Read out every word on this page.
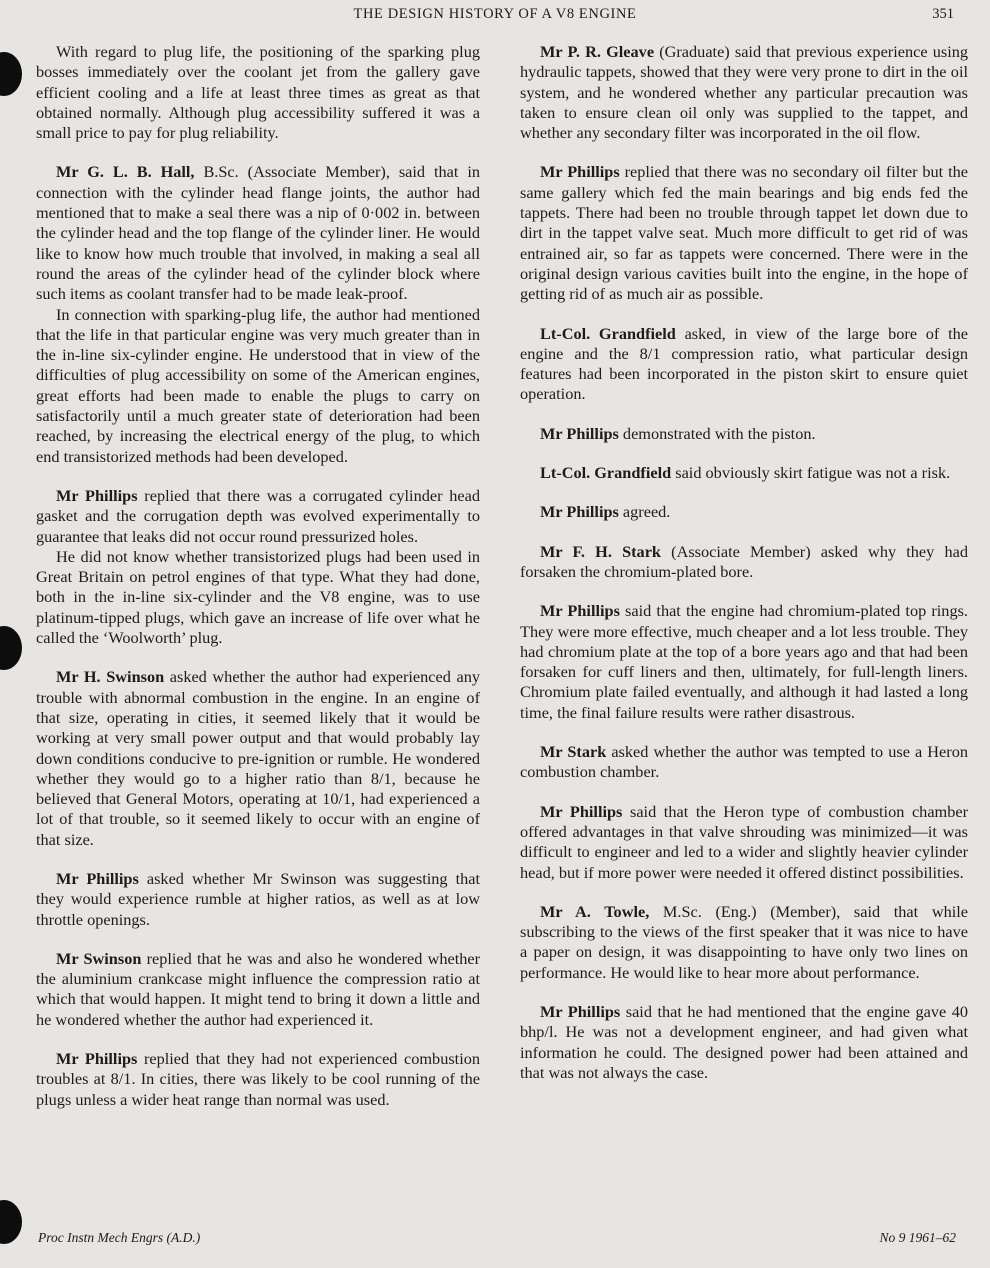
THE DESIGN HISTORY OF A V8 ENGINE	351

With regard to plug life, the positioning of the sparking plug bosses immediately over the coolant jet from the gallery gave efficient cooling and a life at least three times as great as that obtained normally. Although plug accessibility suffered it was a small price to pay for plug reliability.

Mr G. L. B. Hall, B.Sc. (Associate Member), said that in connection with the cylinder head flange joints, the author had mentioned that to make a seal there was a nip of 0·002 in. between the cylinder head and the top flange of the cylinder liner. He would like to know how much trouble that involved, in making a seal all round the areas of the cylinder head of the cylinder block where such items as coolant transfer had to be made leak-proof.

In connection with sparking-plug life, the author had mentioned that the life in that particular engine was very much greater than in the in-line six-cylinder engine. He understood that in view of the difficulties of plug accessibility on some of the American engines, great efforts had been made to enable the plugs to carry on satisfactorily until a much greater state of deterioration had been reached, by increasing the electrical energy of the plug, to which end transistorized methods had been developed.

Mr Phillips replied that there was a corrugated cylinder head gasket and the corrugation depth was evolved experimentally to guarantee that leaks did not occur round pressurized holes.

He did not know whether transistorized plugs had been used in Great Britain on petrol engines of that type. What they had done, both in the in-line six-cylinder and the V8 engine, was to use platinum-tipped plugs, which gave an increase of life over what he called the ‘Woolworth’ plug.

Mr H. Swinson asked whether the author had experienced any trouble with abnormal combustion in the engine. In an engine of that size, operating in cities, it seemed likely that it would be working at very small power output and that would probably lay down conditions conducive to pre-ignition or rumble. He wondered whether they would go to a higher ratio than 8/1, because he believed that General Motors, operating at 10/1, had experienced a lot of that trouble, so it seemed likely to occur with an engine of that size.

Mr Phillips asked whether Mr Swinson was suggesting that they would experience rumble at higher ratios, as well as at low throttle openings.

Mr Swinson replied that he was and also he wondered whether the aluminium crankcase might influence the compression ratio at which that would happen. It might tend to bring it down a little and he wondered whether the author had experienced it.

Mr Phillips replied that they had not experienced combustion troubles at 8/1. In cities, there was likely to be cool running of the plugs unless a wider heat range than normal was used.

Mr P. R. Gleave (Graduate) said that previous experience using hydraulic tappets, showed that they were very prone to dirt in the oil system, and he wondered whether any particular precaution was taken to ensure clean oil only was supplied to the tappet, and whether any secondary filter was incorporated in the oil flow.

Mr Phillips replied that there was no secondary oil filter but the same gallery which fed the main bearings and big ends fed the tappets. There had been no trouble through tappet let down due to dirt in the tappet valve seat. Much more difficult to get rid of was entrained air, so far as tappets were concerned. There were in the original design various cavities built into the engine, in the hope of getting rid of as much air as possible.

Lt-Col. Grandfield asked, in view of the large bore of the engine and the 8/1 compression ratio, what particular design features had been incorporated in the piston skirt to ensure quiet operation.

Mr Phillips demonstrated with the piston.

Lt-Col. Grandfield said obviously skirt fatigue was not a risk.

Mr Phillips agreed.

Mr F. H. Stark (Associate Member) asked why they had forsaken the chromium-plated bore.

Mr Phillips said that the engine had chromium-plated top rings. They were more effective, much cheaper and a lot less trouble. They had chromium plate at the top of a bore years ago and that had been forsaken for cuff liners and then, ultimately, for full-length liners. Chromium plate failed eventually, and although it had lasted a long time, the final failure results were rather disastrous.

Mr Stark asked whether the author was tempted to use a Heron combustion chamber.

Mr Phillips said that the Heron type of combustion chamber offered advantages in that valve shrouding was minimized—it was difficult to engineer and led to a wider and slightly heavier cylinder head, but if more power were needed it offered distinct possibilities.

Mr A. Towle, M.Sc. (Eng.) (Member), said that while subscribing to the views of the first speaker that it was nice to have a paper on design, it was disappointing to have only two lines on performance. He would like to hear more about performance.

Mr Phillips said that he had mentioned that the engine gave 40 bhp/l. He was not a development engineer, and had given what information he could. The designed power had been attained and that was not always the case.

Proc Instn Mech Engrs (A.D.)	No 9 1961–62
